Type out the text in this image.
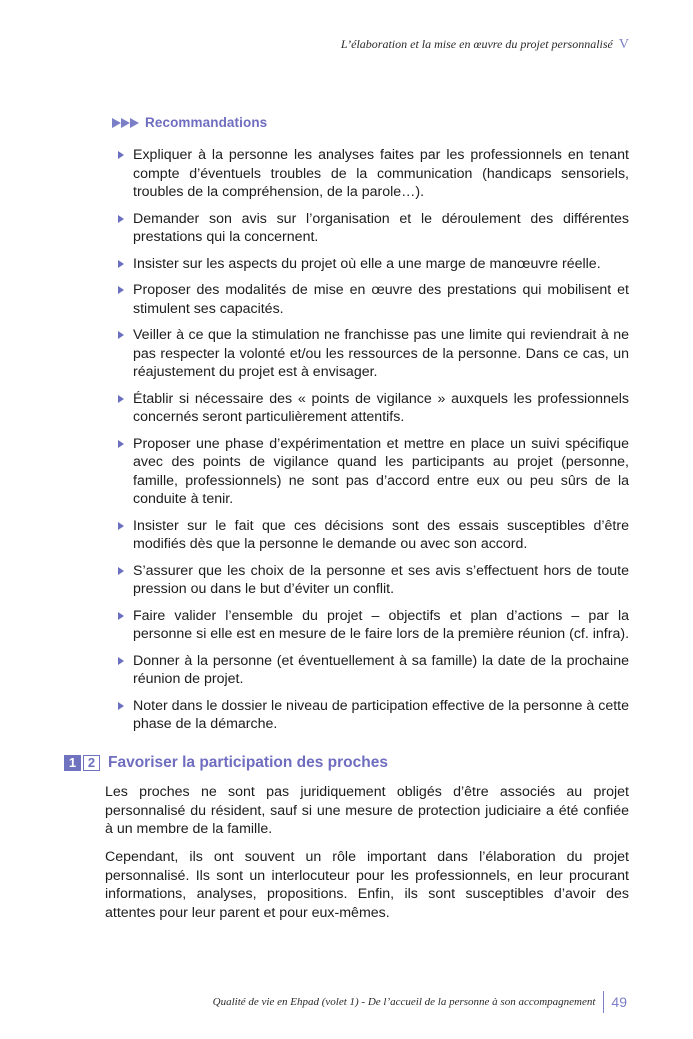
L’élaboration et la mise en œuvre du projet personnalisé V
Recommandations
Expliquer à la personne les analyses faites par les professionnels en tenant compte d’éventuels troubles de la communication (handicaps sensoriels, troubles de la compréhension, de la parole…).
Demander son avis sur l’organisation et le déroulement des différentes prestations qui la concernent.
Insister sur les aspects du projet où elle a une marge de manœuvre réelle.
Proposer des modalités de mise en œuvre des prestations qui mobilisent et stimulent ses capacités.
Veiller à ce que la stimulation ne franchisse pas une limite qui reviendrait à ne pas respecter la volonté et/ou les ressources de la personne. Dans ce cas, un réajustement du projet est à envisager.
Établir si nécessaire des « points de vigilance » auxquels les professionnels concernés seront particulièrement attentifs.
Proposer une phase d’expérimentation et mettre en place un suivi spécifique avec des points de vigilance quand les participants au projet (personne, famille, professionnels) ne sont pas d’accord entre eux ou peu sûrs de la conduite à tenir.
Insister sur le fait que ces décisions sont des essais susceptibles d’être modifiés dès que la personne le demande ou avec son accord.
S’assurer que les choix de la personne et ses avis s’effectuent hors de toute pression ou dans le but d’éviter un conflit.
Faire valider l’ensemble du projet – objectifs et plan d’actions – par la personne si elle est en mesure de le faire lors de la première réunion (cf. infra).
Donner à la personne (et éventuellement à sa famille) la date de la prochaine réunion de projet.
Noter dans le dossier le niveau de participation effective de la personne à cette phase de la démarche.
1 2 Favoriser la participation des proches

Les proches ne sont pas juridiquement obligés d’être associés au projet personnalisé du résident, sauf si une mesure de protection judiciaire a été confiée à un membre de la famille.

Cependant, ils ont souvent un rôle important dans l’élaboration du projet personnalisé. Ils sont un interlocuteur pour les professionnels, en leur procurant informations, analyses, propositions. Enfin, ils sont susceptibles d’avoir des attentes pour leur parent et pour eux-mêmes.

Qualité de vie en Ehpad (volet 1) - De l’accueil de la personne à son accompagnement 49
